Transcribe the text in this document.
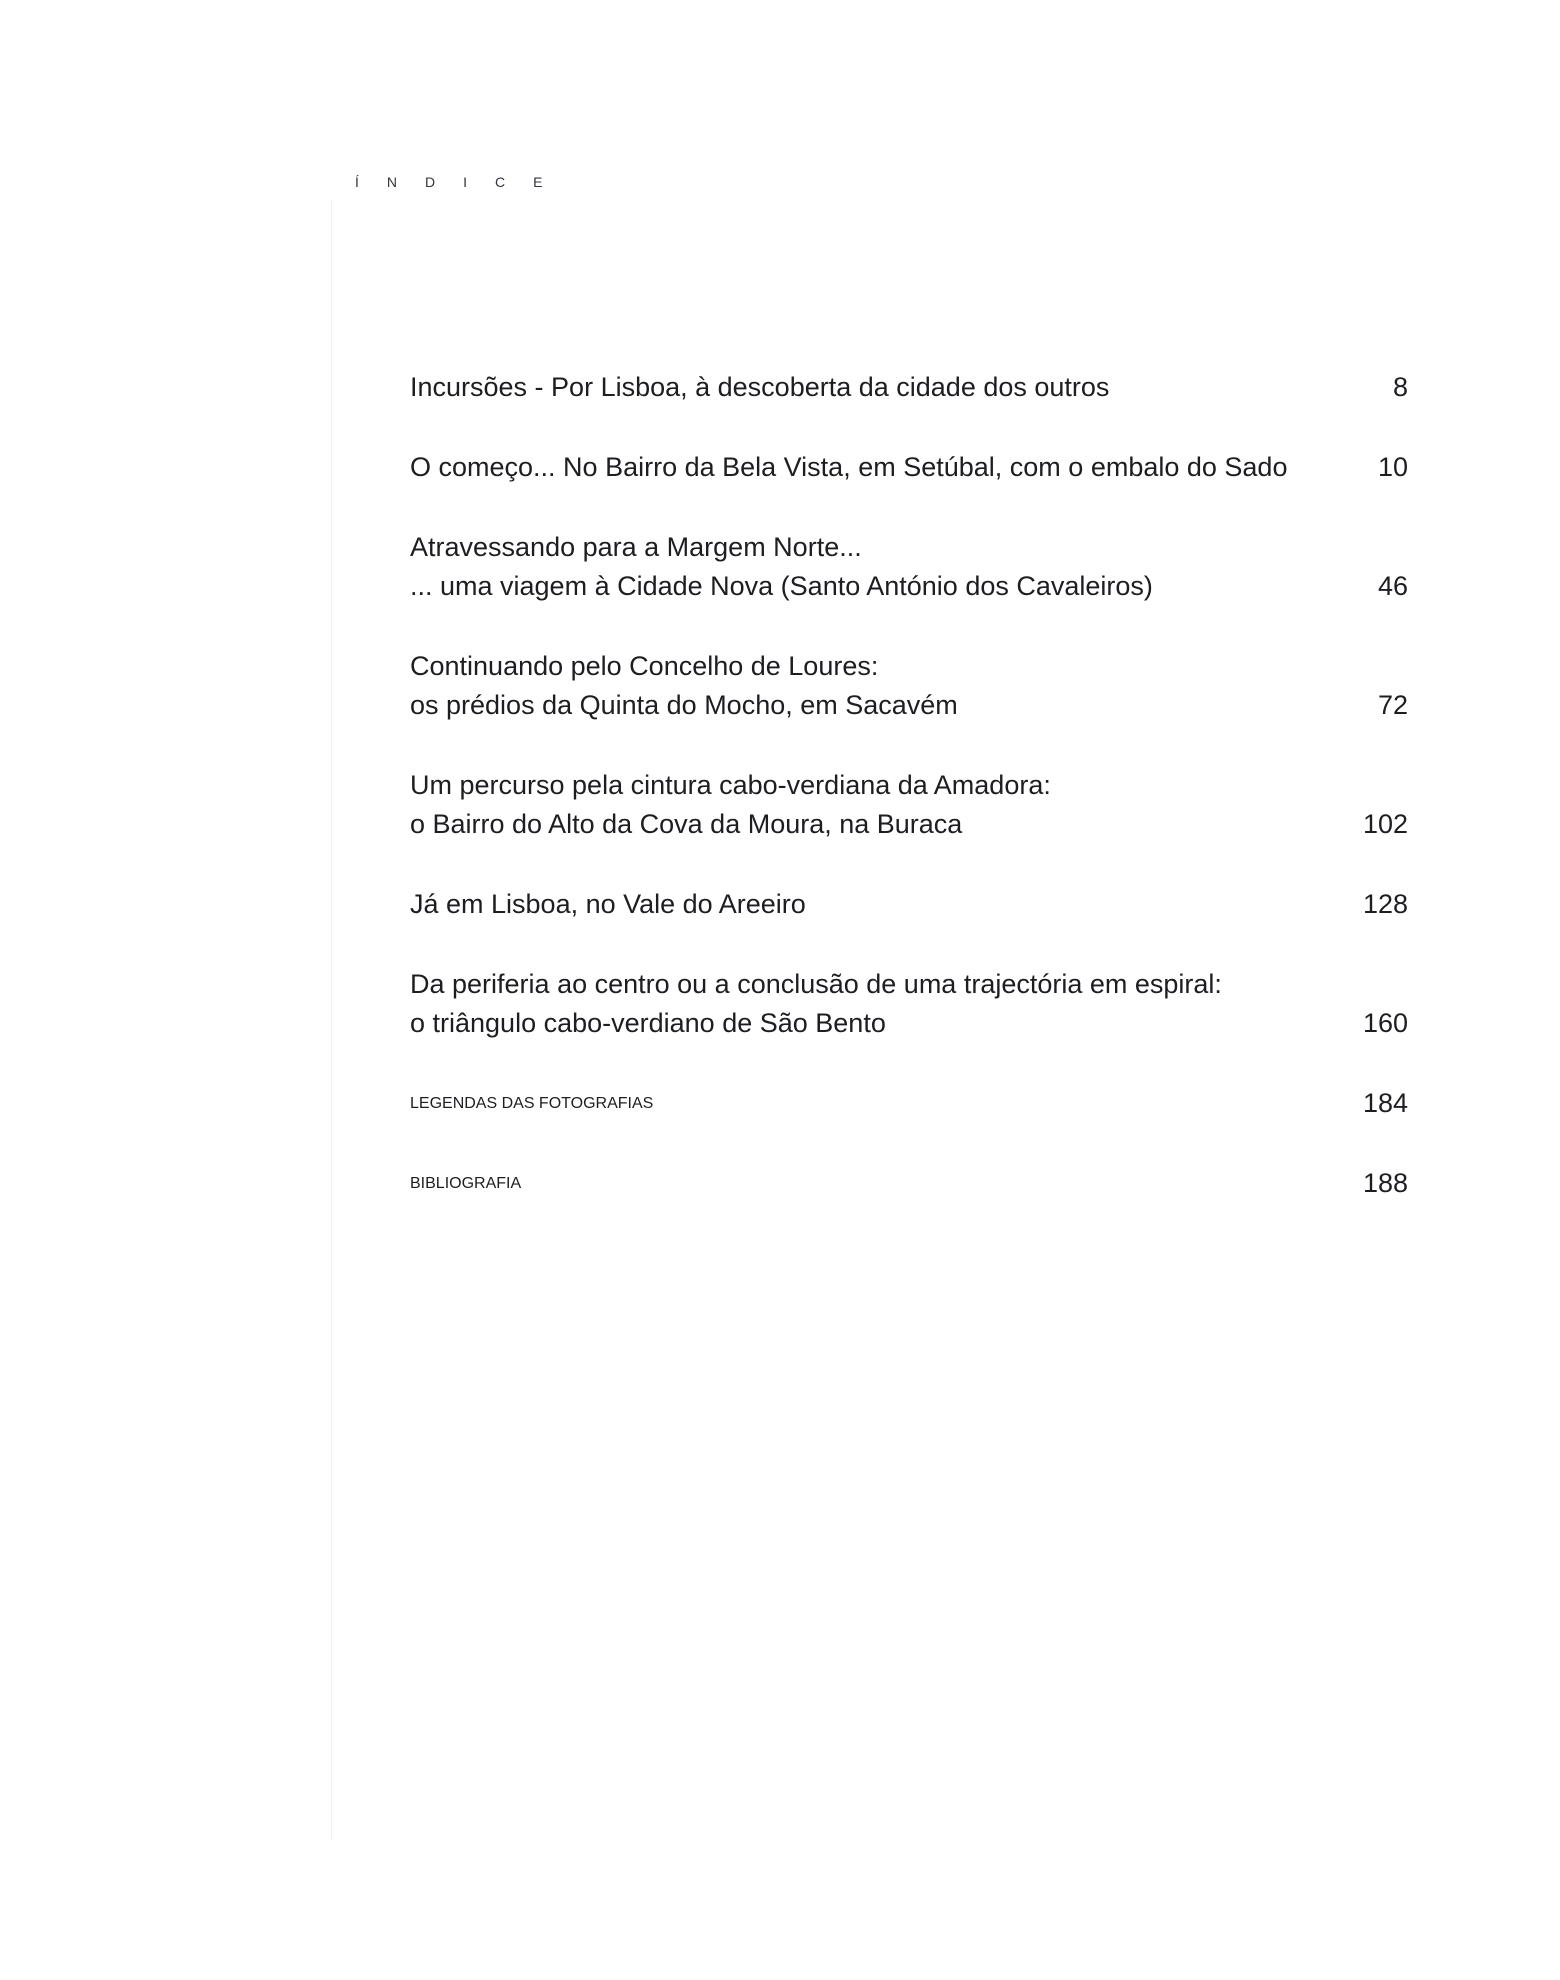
ÍNDICE
Incursões - Por Lisboa, à descoberta da cidade dos outros	8
O começo... No Bairro da Bela Vista, em Setúbal, com o embalo do Sado	10
Atravessando para a Margem Norte...
... uma viagem à Cidade Nova (Santo António dos Cavaleiros)	46
Continuando pelo Concelho de Loures:
os prédios da Quinta do Mocho, em Sacavém	72
Um percurso pela cintura cabo-verdiana da Amadora:
o Bairro do Alto da Cova da Moura, na Buraca	102
Já em Lisboa, no Vale do Areeiro	128
Da periferia ao centro ou a conclusão de uma trajectória em espiral:
o triângulo cabo-verdiano de São Bento	160
LEGENDAS DAS FOTOGRAFIAS	184
BIBLIOGRAFIA	188
